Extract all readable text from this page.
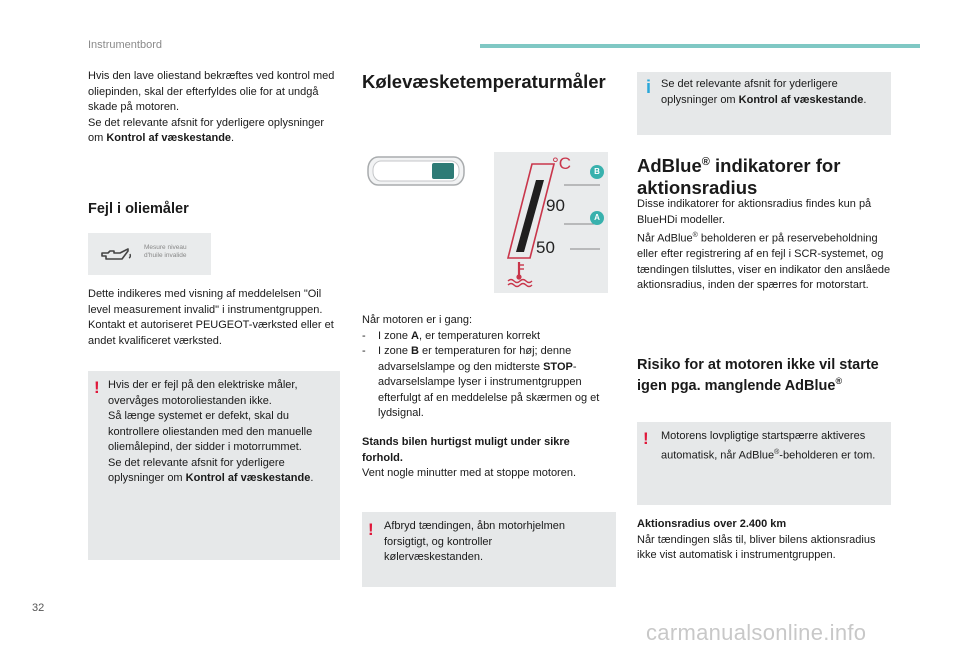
Instrumentbord

Hvis den lave oliestand bekræftes ved kontrol med oliepinden, skal der efterfyldes olie for at undgå skade på motoren.

Se det relevante afsnit for yderligere oplysninger om Kontrol af væskestande.

Fejl i oliemåler
Mesure niveau
d'huile invalide

Dette indikeres med visning af meddelelsen "Oil level measurement invalid" i instrumentgruppen.

Kontakt et autoriseret PEUGEOT-værksted eller et andet kvalificeret værksted.

! Hvis der er fejl på den elektriske måler, overvåges motoroliestanden ikke.

Så længe systemet er defekt, skal du kontrollere oliestanden med den manuelle oliemålepind, der sidder i motorrummet.

Se det relevante afsnit for yderligere oplysninger om Kontrol af væskestande.

Kølevæsketemperaturmåler
°C
90
50
B
A

Når motoren er i gang:

- I zone A, er temperaturen korrekt
- I zone B er temperaturen for høj; denne advarselslampe og den midterste STOP-advarselslampe lyser i instrumentgruppen efterfulgt af en meddelelse på skærmen og et lydsignal.

Stands bilen hurtigst muligt under sikre forhold.

Vent nogle minutter med at stoppe motoren.

! Afbryd tændingen, åbn motorhjelmen forsigtigt, og kontroller kølervæskestanden.

i Se det relevante afsnit for yderligere oplysninger om Kontrol af væskestande.

AdBlue® indikatorer for aktionsradius

Disse indikatorer for aktionsradius findes kun på BlueHDi modeller.

Når AdBlue® beholderen er på reservebeholdning eller efter registrering af en fejl i SCR-systemet, og tændingen tilsluttes, viser en indikator den anslåede aktionsradius, inden der spærres for motorstart.

Risiko for at motoren ikke vil starte igen pga. manglende AdBlue®
! Motorens lovpligtige startspærre aktiveres automatisk, når AdBlue®-beholderen er tom.

Aktionsradius over 2.400 km

Når tændingen slås til, bliver bilens aktionsradius ikke vist automatisk i instrumentgruppen.

32
carmanualsonline.info
